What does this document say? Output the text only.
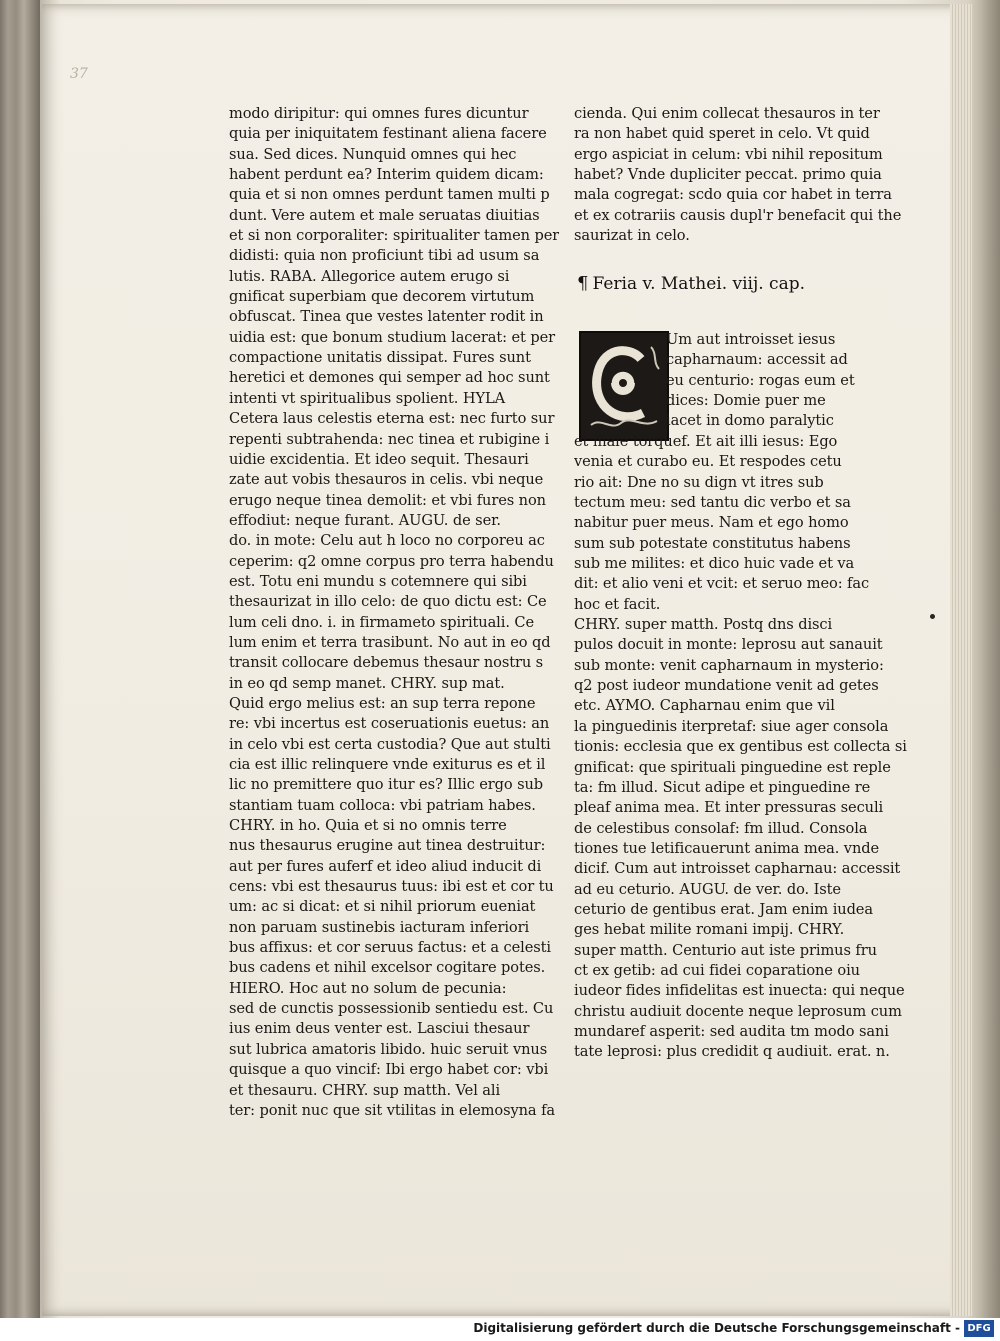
37
modo diripitur: qui omnes fures dicuntur
quia per iniquitatem festinant aliena facere
sua. Sed dices. Nunquid omnes qui hec
habent perdunt ea? Interim quidem dicam:
quia et si non omnes perdunt tamen multi p
dunt. Vere autem et male seruatas diuitias
et si non corporaliter: spiritualiter tamen per
didisti: quia non proficiunt tibi ad usum sa
lutis. RABA. Allegorice autem erugo si
gnificat superbiam que decorem virtutum
obfuscat. Tinea que vestes latenter rodit in
uidia est: que bonum studium lacerat: et per
compactione unitatis dissipat. Fures sunt
heretici et demones qui semper ad hoc sunt
intenti vt spiritualibus spolient. HYLA
Cetera laus celestis eterna est: nec furto sur
repenti subtrahenda: nec tinea et rubigine i
uidie excidentia. Et ideo sequit. Thesauri
zate aut vobis thesauros in celis. vbi neque
erugo neque tinea demolit: et vbi fures non
effodiut: neque furant. AUGU. de ser.
do. in mote: Celu aut h loco no corporeu ac
ceperim: q2 omne corpus pro terra habendu
est. Totu eni mundu s cotemnere qui sibi
thesaurizat in illo celo: de quo dictu est: Ce
lum celi dno. i. in firmameto spirituali. Ce
lum enim et terra trasibunt. No aut in eo qd
transit collocare debemus thesaur nostru s
in eo qd semp manet. CHRY. sup mat.
Quid ergo melius est: an sup terra repone
re: vbi incertus est coseruationis euetus: an
in celo vbi est certa custodia? Que aut stulti
cia est illic relinquere vnde exiturus es et il
lic no premittere quo itur es? Illic ergo sub
stantiam tuam colloca: vbi patriam habes.
CHRY. in ho. Quia et si no omnis terre
nus thesaurus erugine aut tinea destruitur:
aut per fures auferf et ideo aliud inducit di
cens: vbi est thesaurus tuus: ibi est et cor tu
um: ac si dicat: et si nihil priorum eueniat
non paruam sustinebis iacturam inferiori
bus affixus: et cor seruus factus: et a celesti
bus cadens et nihil excelsor cogitare potes.
HIERO. Hoc aut no solum de pecunia:
sed de cunctis possessionib sentiedu est. Cu
ius enim deus venter est. Lasciui thesaur
sut lubrica amatoris libido. huic seruit vnus
quisque a quo vincif: Ibi ergo habet cor: vbi
et thesauru. CHRY. sup matth. Vel ali
ter: ponit nuc que sit vtilitas in elemosyna fa
cienda. Qui enim collecat thesauros in ter
ra non habet quid speret in celo. Vt quid
ergo aspiciat in celum: vbi nihil repositum
habet? Vnde dupliciter peccat. primo quia
mala cogregat: scdo quia cor habet in terra
et ex cotrariis causis dupl'r benefacit qui the
saurizat in celo.
¶ Feria v. Mathei. viij. cap.
Um aut introisset iesus
capharnaum: accessit ad
eu centurio: rogas eum et
dices: Domie puer me
iacet in domo paralytic
et male torquef. Et ait illi iesus: Ego
venia et curabo eu. Et respodes cetu
rio ait: Dne no su dign vt itres sub
tectum meu: sed tantu dic verbo et sa
nabitur puer meus. Nam et ego homo
sum sub potestate constitutus habens
sub me milites: et dico huic vade et va
dit: et alio veni et vcit: et seruo meo: fac
hoc et facit.
CHRY. super matth. Postq dns disci
pulos docuit in monte: leprosu aut sanauit
sub monte: venit capharnaum in mysterio:
q2 post iudeor mundatione venit ad getes
etc. AYMO. Capharnau enim que vil
la pinguedinis iterpretaf: siue ager consola
tionis: ecclesia que ex gentibus est collecta si
gnificat: que spirituali pinguedine est reple
ta: fm illud. Sicut adipe et pinguedine re
pleaf anima mea. Et inter pressuras seculi
de celestibus consolaf: fm illud. Consola
tiones tue letificauerunt anima mea. vnde
dicif. Cum aut introisset capharnau: accessit
ad eu ceturio. AUGU. de ver. do. Iste
ceturio de gentibus erat. Jam enim iudea
ges hebat milite romani impij. CHRY.
super matth. Centurio aut iste primus fru
ct ex getib: ad cui fidei coparatione oiu
iudeor fides infidelitas est inuecta: qui neque
christu audiuit docente neque leprosum cum
mundaref asperit: sed audita tm modo sani
tate leprosi: plus credidit q audiuit. erat. n.
Digitalisierung gefördert durch die Deutsche Forschungsgemeinschaft - DFG
